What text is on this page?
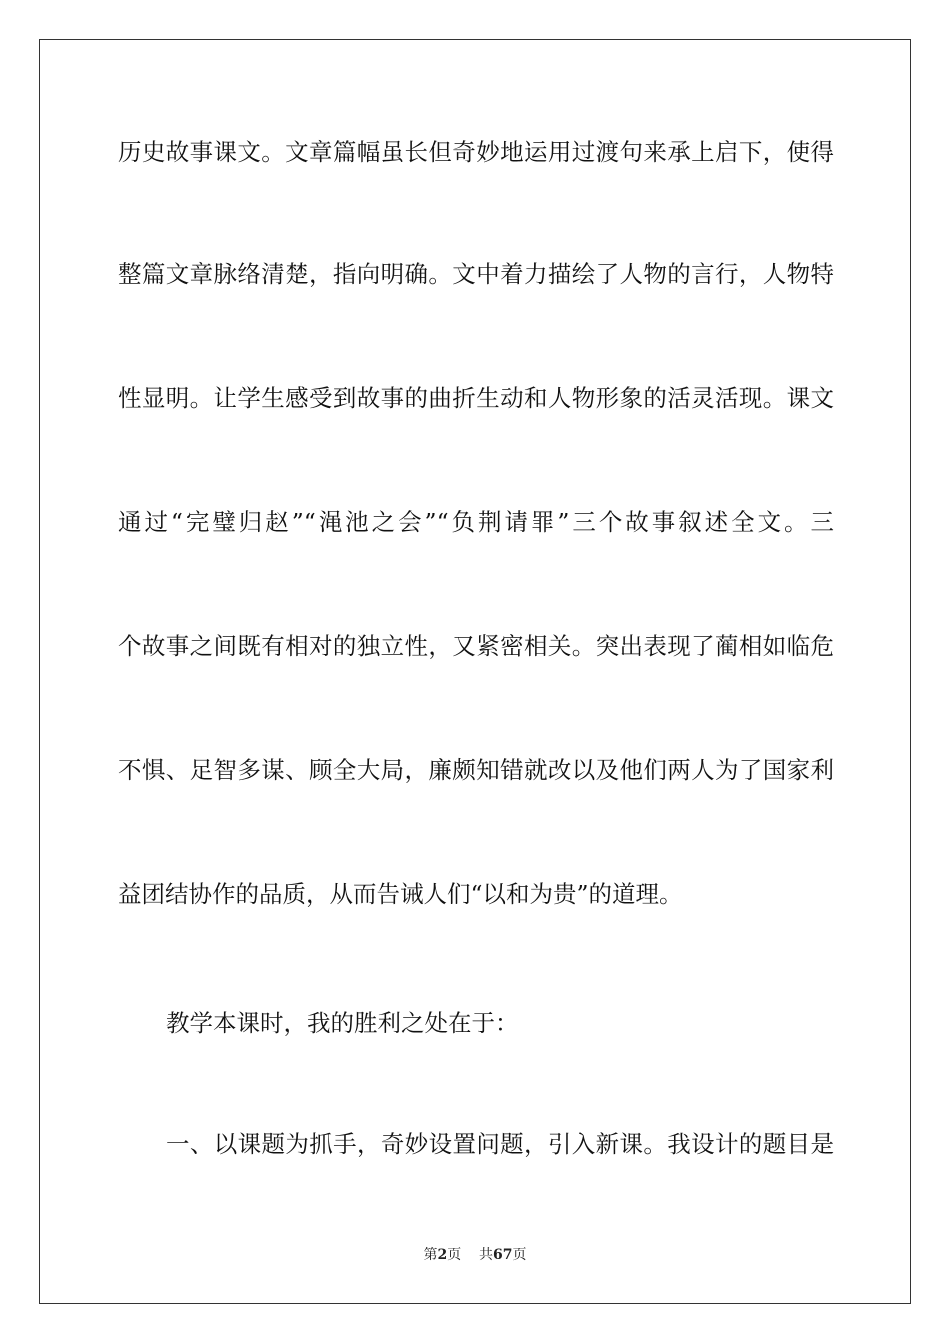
历史故事课文。文章篇幅虽长但奇妙地运用过渡句来承上启下，使得
整篇文章脉络清楚，指向明确。文中着力描绘了人物的言行，人物特
性显明。让学生感受到故事的曲折生动和人物形象的活灵活现。课文
通过“完璧归赵”“渑池之会”“负荆请罪”三个故事叙述全文。三
个故事之间既有相对的独立性，又紧密相关。突出表现了蔺相如临危
不惧、足智多谋、顾全大局，廉颇知错就改以及他们两人为了国家利
益团结协作的品质，从而告诫人们“以和为贵”的道理。
教学本课时，我的胜利之处在于：
一、以课题为抓手，奇妙设置问题，引入新课。我设计的题目是
第2页 共67页
